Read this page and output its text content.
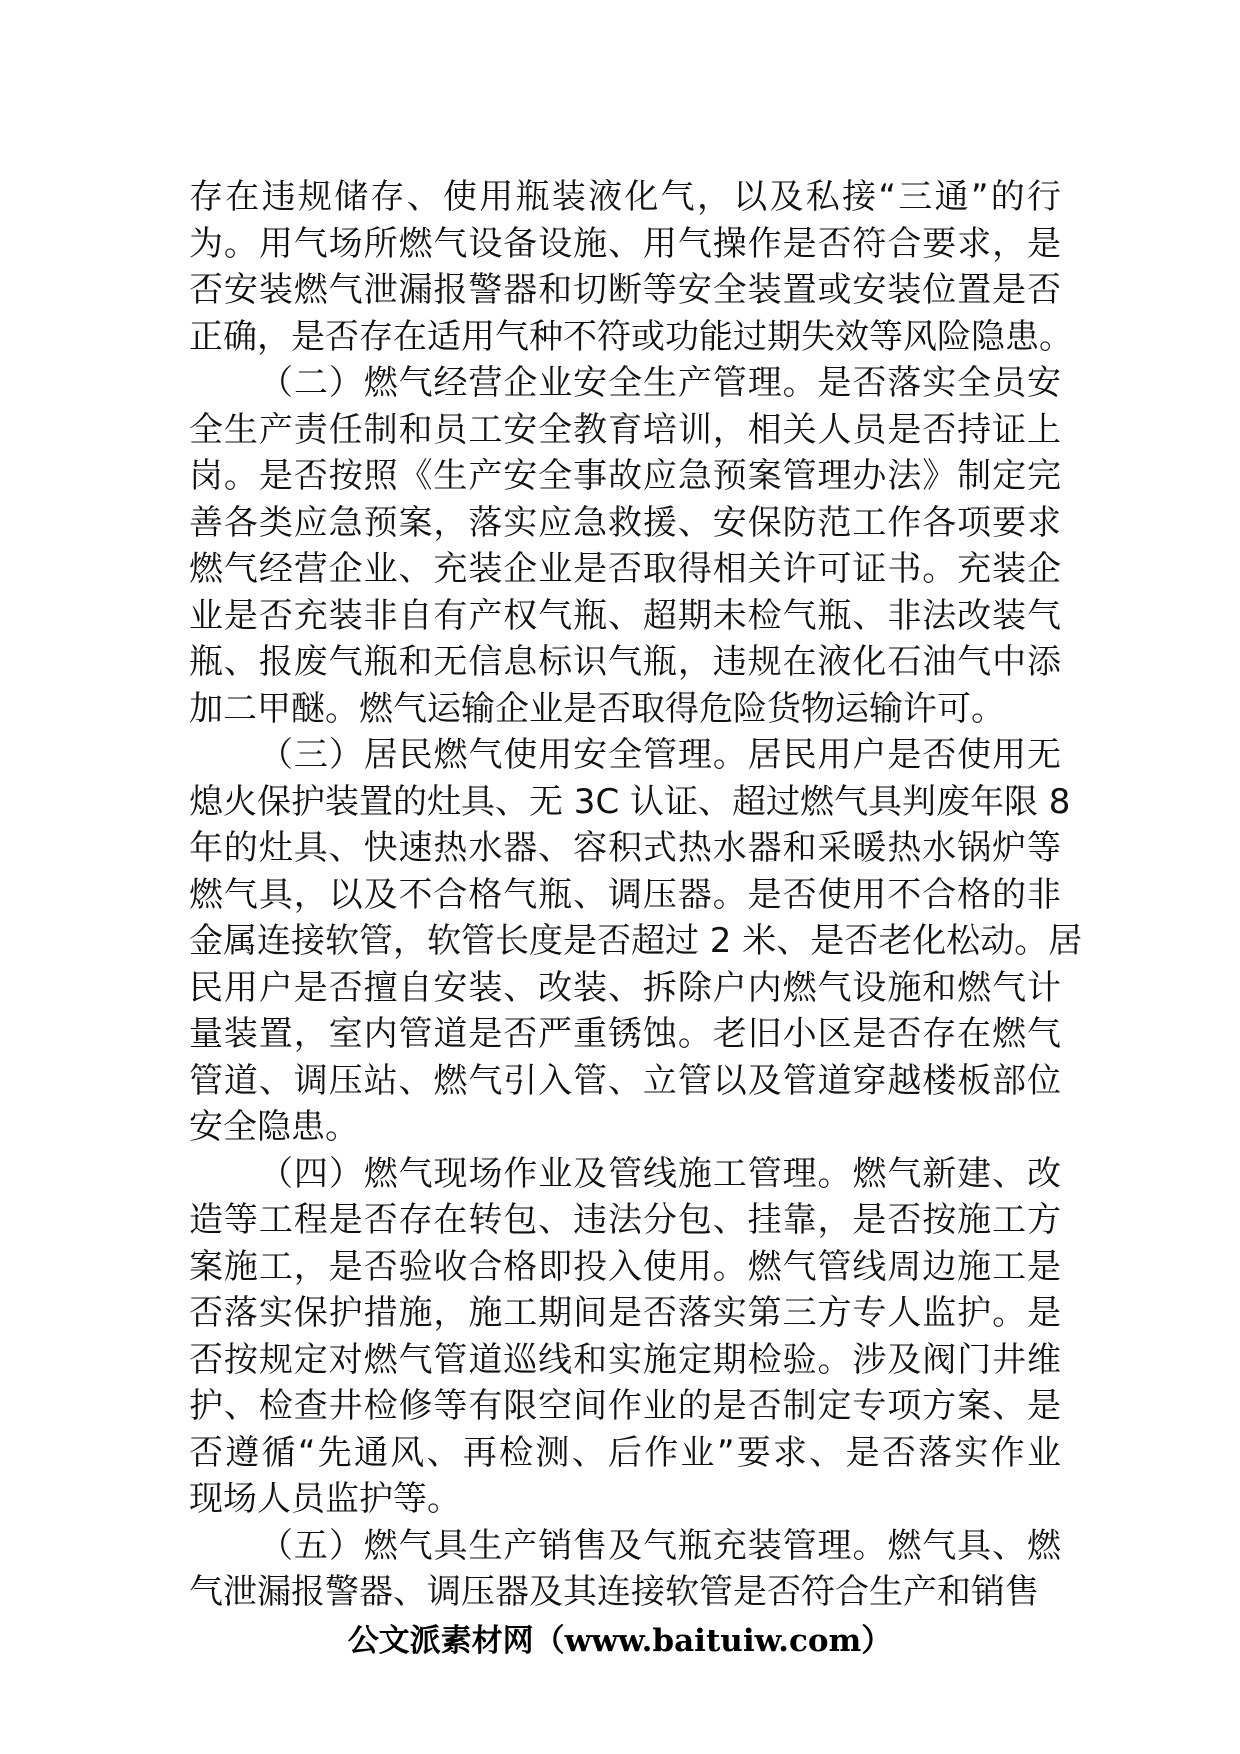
存在违规储存、使用瓶装液化气，以及私接“三通”的行
为。用气场所燃气设备设施、用气操作是否符合要求，是
否安装燃气泄漏报警器和切断等安全装置或安装位置是否
正确，是否存在适用气种不符或功能过期失效等风险隐患。
（二）燃气经营企业安全生产管理。是否落实全员安
全生产责任制和员工安全教育培训，相关人员是否持证上
岗。是否按照《生产安全事故应急预案管理办法》制定完
善各类应急预案，落实应急救援、安保防范工作各项要求
燃气经营企业、充装企业是否取得相关许可证书。充装企
业是否充装非自有产权气瓶、超期未检气瓶、非法改装气
瓶、报废气瓶和无信息标识气瓶，违规在液化石油气中添
加二甲醚。燃气运输企业是否取得危险货物运输许可。
（三）居民燃气使用安全管理。居民用户是否使用无
熄火保护装置的灶具、无 3C 认证、超过燃气具判废年限 8
年的灶具、快速热水器、容积式热水器和采暖热水锅炉等
燃气具，以及不合格气瓶、调压器。是否使用不合格的非
金属连接软管，软管长度是否超过 2 米、是否老化松动。居
民用户是否擅自安装、改装、拆除户内燃气设施和燃气计
量装置，室内管道是否严重锈蚀。老旧小区是否存在燃气
管道、调压站、燃气引入管、立管以及管道穿越楼板部位
安全隐患。
（四）燃气现场作业及管线施工管理。燃气新建、改
造等工程是否存在转包、违法分包、挂靠，是否按施工方
案施工，是否验收合格即投入使用。燃气管线周边施工是
否落实保护措施，施工期间是否落实第三方专人监护。是
否按规定对燃气管道巡线和实施定期检验。涉及阀门井维
护、检查井检修等有限空间作业的是否制定专项方案、是
否遵循“先通风、再检测、后作业”要求、是否落实作业
现场人员监护等。
（五）燃气具生产销售及气瓶充装管理。燃气具、燃
气泄漏报警器、调压器及其连接软管是否符合生产和销售
公文派素材网（www.baituiw.com）
